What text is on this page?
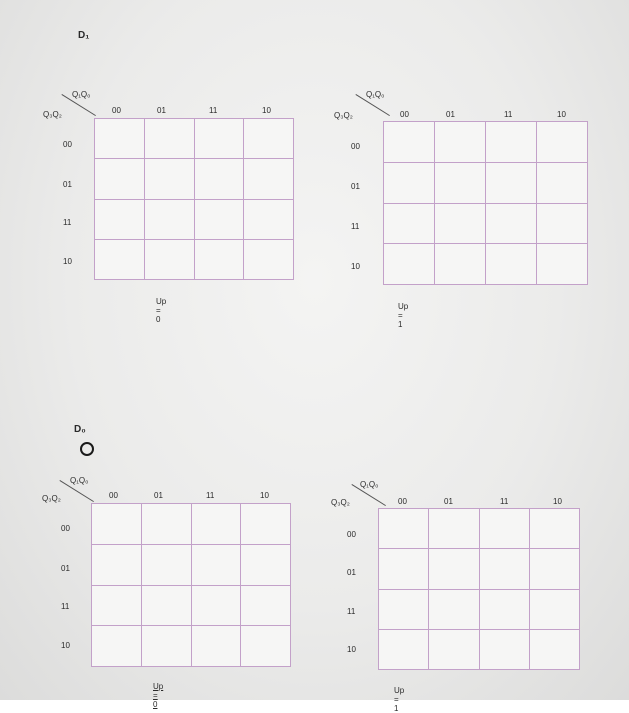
D₁
D₀
Q₁Q₀
Q₃Q₂	00	01	11	10
00
01
11
10

Up = 0
Q₁Q₀
Q₃Q₂	00	01	11	10
00
01
11
10

Up = 1
Q₁Q₀
Q₃Q₂	00	01	11	10
00
01
11
10

Up = 0
Q₁Q₀
Q₃Q₂	00	01	11	10
00
01
11
10

Up = 1
